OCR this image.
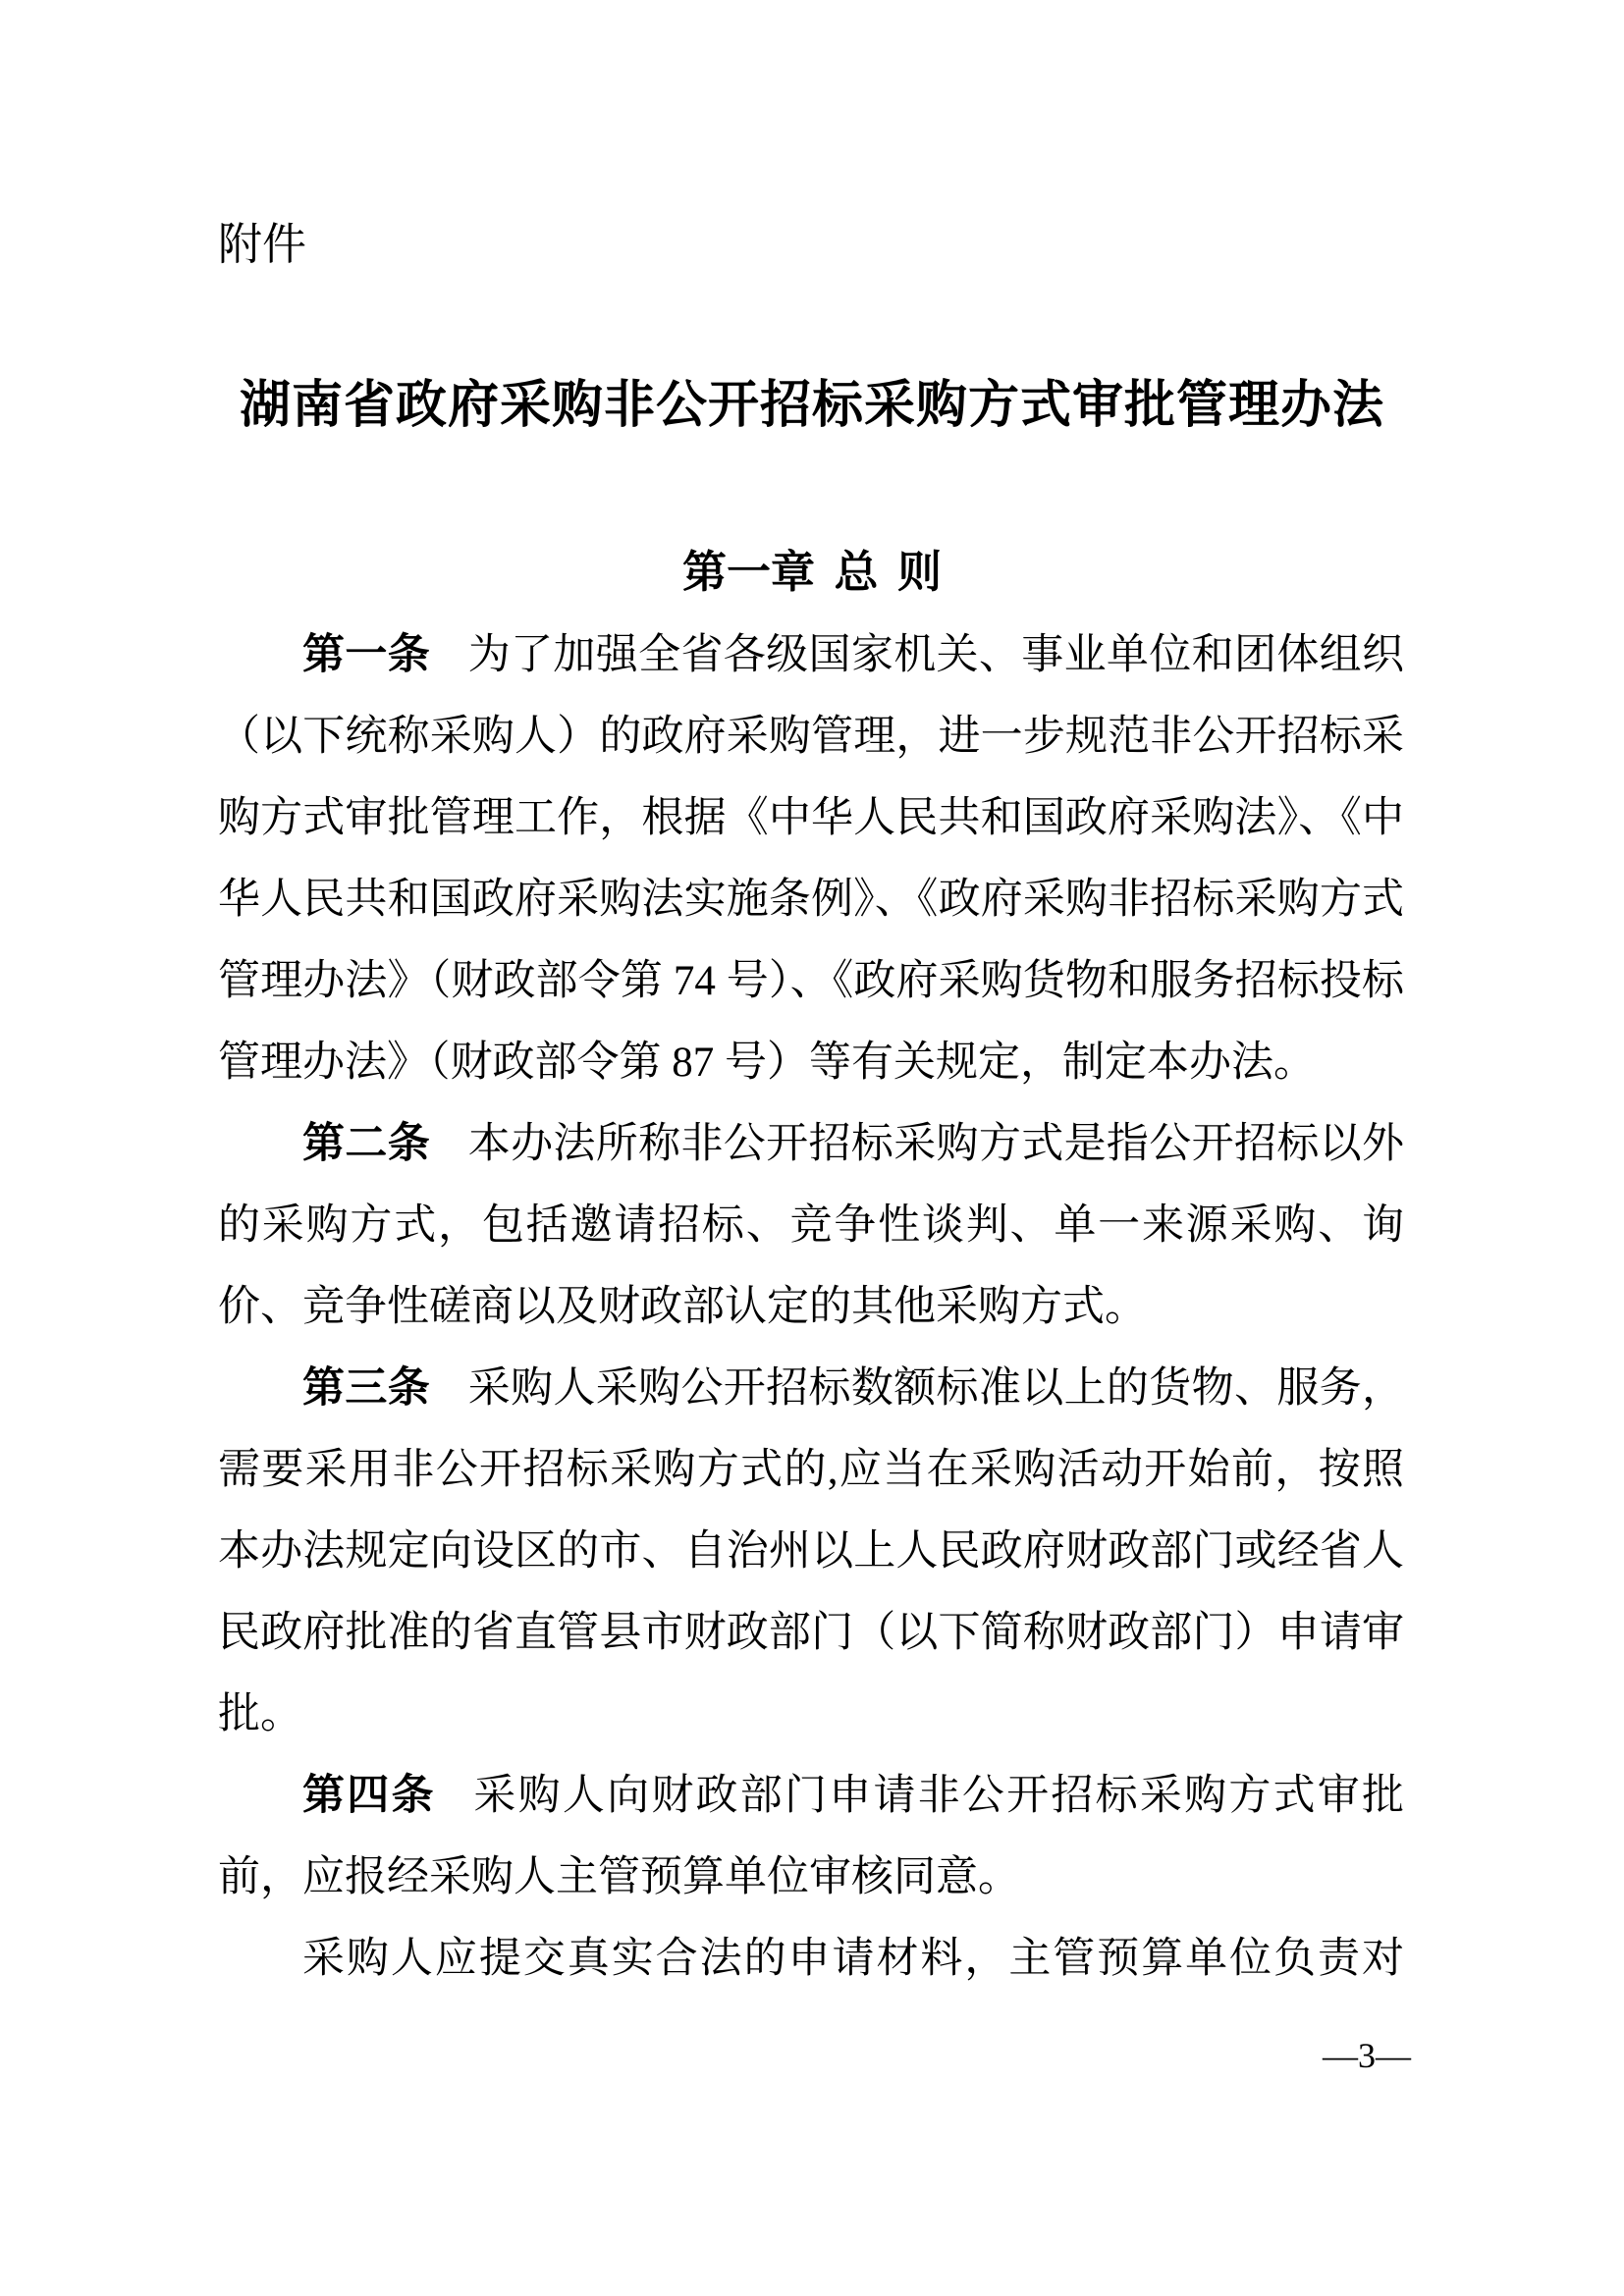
附件
湖南省政府采购非公开招标采购方式审批管理办法
第一章 总 则

第一条 为了加强全省各级国家机关、事业单位和团体组织（以下统称采购人）的政府采购管理，进一步规范非公开招标采购方式审批管理工作，根据《中华人民共和国政府采购法》、《中华人民共和国政府采购法实施条例》、《政府采购非招标采购方式管理办法》（财政部令第 74 号）、《政府采购货物和服务招标投标管理办法》（财政部令第 87 号）等有关规定，制定本办法。

第二条 本办法所称非公开招标采购方式是指公开招标以外的采购方式，包括邀请招标、竞争性谈判、单一来源采购、询价、竞争性磋商以及财政部认定的其他采购方式。

第三条 采购人采购公开招标数额标准以上的货物、服务，需要采用非公开招标采购方式的,应当在采购活动开始前，按照本办法规定向设区的市、自治州以上人民政府财政部门或经省人民政府批准的省直管县市财政部门（以下简称财政部门）申请审批。

第四条 采购人向财政部门申请非公开招标采购方式审批前，应报经采购人主管预算单位审核同意。

采购人应提交真实合法的申请材料，主管预算单位负责对

—3—
